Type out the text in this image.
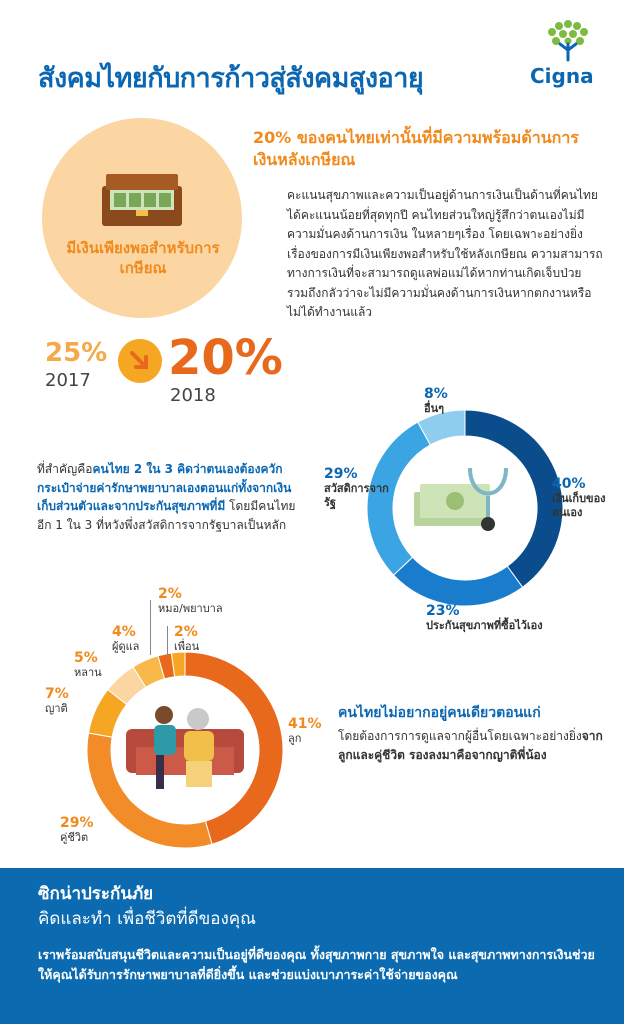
สังคมไทยกับการก้าวสู่สังคมสูงอายุ	Cigna
มีเงินเพียงพอสำหรับการเกษียณ
25%
2017 20%
2018
20% ของคนไทยเท่านั้นที่มีความพร้อมด้านการเงินหลังเกษียณ
คะแนนสุขภาพและความเป็นอยู่ด้านการเงินเป็นด้านที่คนไทยได้คะแนนน้อยที่สุดทุกปี คนไทยส่วนใหญ่รู้สึกว่าตนเองไม่มีความมั่นคงด้านการเงิน ในหลายๆเรื่อง โดยเฉพาะอย่างยิ่งเรื่องของการมีเงินเพียงพอสำหรับใช้หลังเกษียณ ความสามารถทางการเงินที่จะสามารถดูแลพ่อแม่ได้หากท่านเกิดเจ็บป่วย รวมถึงกลัวว่าจะไม่มีความมั่นคงด้านการเงินหากตกงานหรือไม่ได้ทำงานแล้ว
ที่สำคัญคือคนไทย 2 ใน 3 คิดว่าตนเองต้องควักกระเป๋าจ่ายค่ารักษาพยาบาลเองตอนแก่ทั้งจากเงินเก็บส่วนตัวและจากประกันสุขภาพที่มี โดยมีคนไทยอีก 1 ใน 3 ที่หวังพึ่งสวัสดิการจากรัฐบาลเป็นหลัก
8%
อื่นๆ
29%
สวัสดิการจากรัฐ
40%
เงินเก็บของตนเอง
23%
ประกันสุขภาพที่ซื้อไว้เอง
41%
ลูก
29%
คู่ชีวิต
7%
ญาติ
5%
หลาน
4%
ผู้ดูแล
2%
หมอ/พยาบาล
2%
เพื่อน
คนไทยไม่อยากอยู่คนเดียวตอนแก่
โดยต้องการการดูแลจากผู้อื่นโดยเฉพาะอย่างยิ่งจากลูกและคู่ชีวิต รองลงมาคือจากญาติพี่น้อง
ซิกน่าประกันภัย
คิดและทำ เพื่อชีวิตที่ดีของคุณ
เราพร้อมสนับสนุนชีวิตและความเป็นอยู่ที่ดีของคุณ ทั้งสุขภาพกาย สุขภาพใจ และสุขภาพทางการเงินช่วยให้คุณได้รับการรักษาพยาบาลที่ดียิ่งขึ้น และช่วยแบ่งเบาภาระค่าใช้จ่ายของคุณ
